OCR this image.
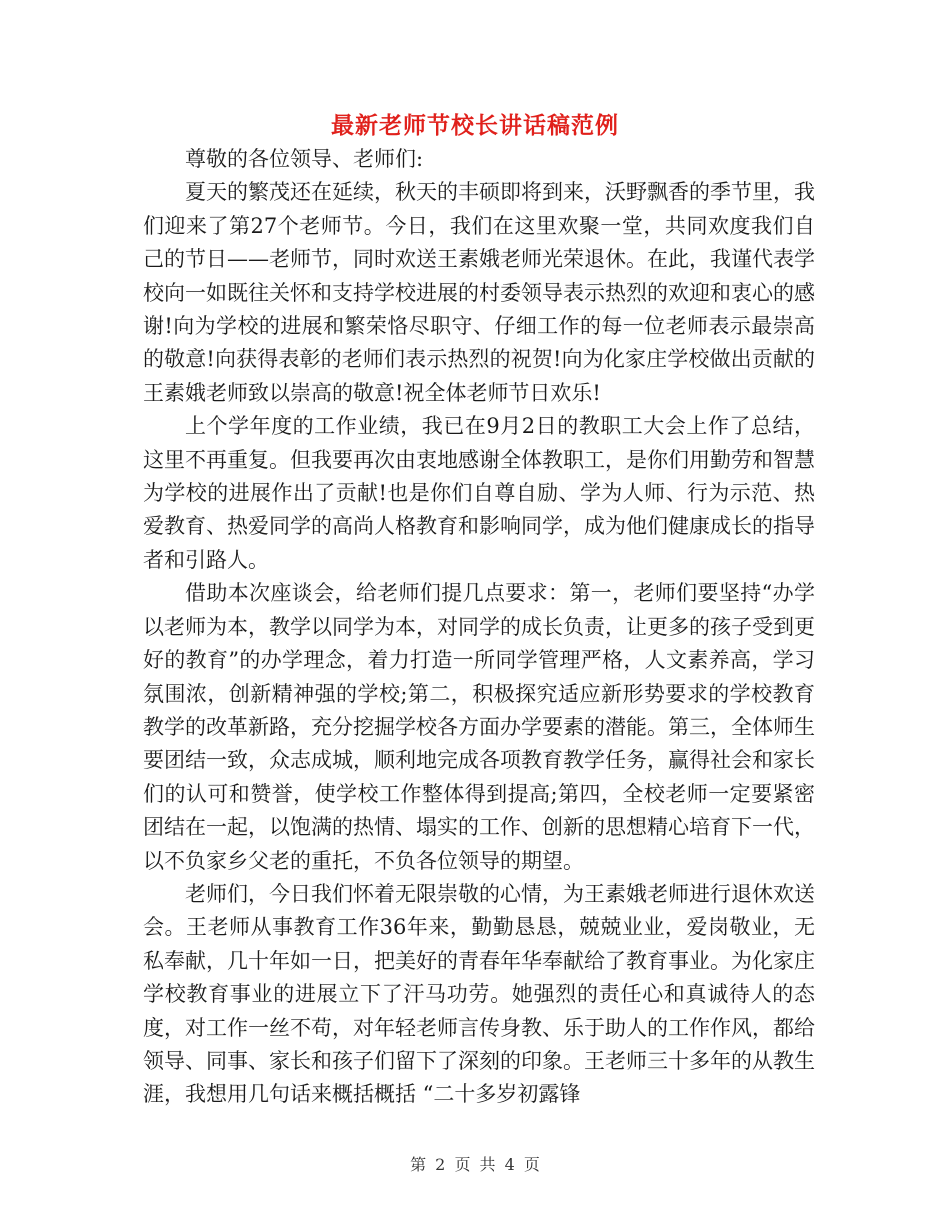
最新老师节校长讲话稿范例

尊敬的各位领导、老师们:

夏天的繁茂还在延续，秋天的丰硕即将到来，沃野飘香的季节里，我们迎来了第27个老师节。今日，我们在这里欢聚一堂，共同欢度我们自己的节日——老师节，同时欢送王素娥老师光荣退休。在此，我谨代表学校向一如既往关怀和支持学校进展的村委领导表示热烈的欢迎和衷心的感谢!向为学校的进展和繁荣恪尽职守、仔细工作的每一位老师表示最崇高的敬意!向获得表彰的老师们表示热烈的祝贺!向为化家庄学校做出贡献的王素娥老师致以崇高的敬意!祝全体老师节日欢乐!

上个学年度的工作业绩，我已在9月2日的教职工大会上作了总结，这里不再重复。但我要再次由衷地感谢全体教职工，是你们用勤劳和智慧为学校的进展作出了贡献!也是你们自尊自励、学为人师、行为示范、热爱教育、热爱同学的高尚人格教育和影响同学，成为他们健康成长的指导者和引路人。

借助本次座谈会，给老师们提几点要求：第一，老师们要坚持“办学以老师为本，教学以同学为本，对同学的成长负责，让更多的孩子受到更好的教育”的办学理念，着力打造一所同学管理严格，人文素养高，学习氛围浓，创新精神强的学校;第二，积极探究适应新形势要求的学校教育教学的改革新路，充分挖掘学校各方面办学要素的潜能。第三，全体师生要团结一致，众志成城，顺利地完成各项教育教学任务，赢得社会和家长们的认可和赞誉，使学校工作整体得到提高;第四，全校老师一定要紧密团结在一起，以饱满的热情、塌实的工作、创新的思想精心培育下一代，以不负家乡父老的重托，不负各位领导的期望。

老师们，今日我们怀着无限崇敬的心情，为王素娥老师进行退休欢送会。王老师从事教育工作36年来，勤勤恳恳，兢兢业业，爱岗敬业，无私奉献，几十年如一日，把美好的青春年华奉献给了教育事业。为化家庄学校教育事业的进展立下了汗马功劳。她强烈的责任心和真诚待人的态度，对工作一丝不苟，对年轻老师言传身教、乐于助人的工作作风，都给领导、同事、家长和孩子们留下了深刻的印象。王老师三十多年的从教生涯，我想用几句话来概括概括 “二十多岁初露锋

第 2 页 共 4 页
